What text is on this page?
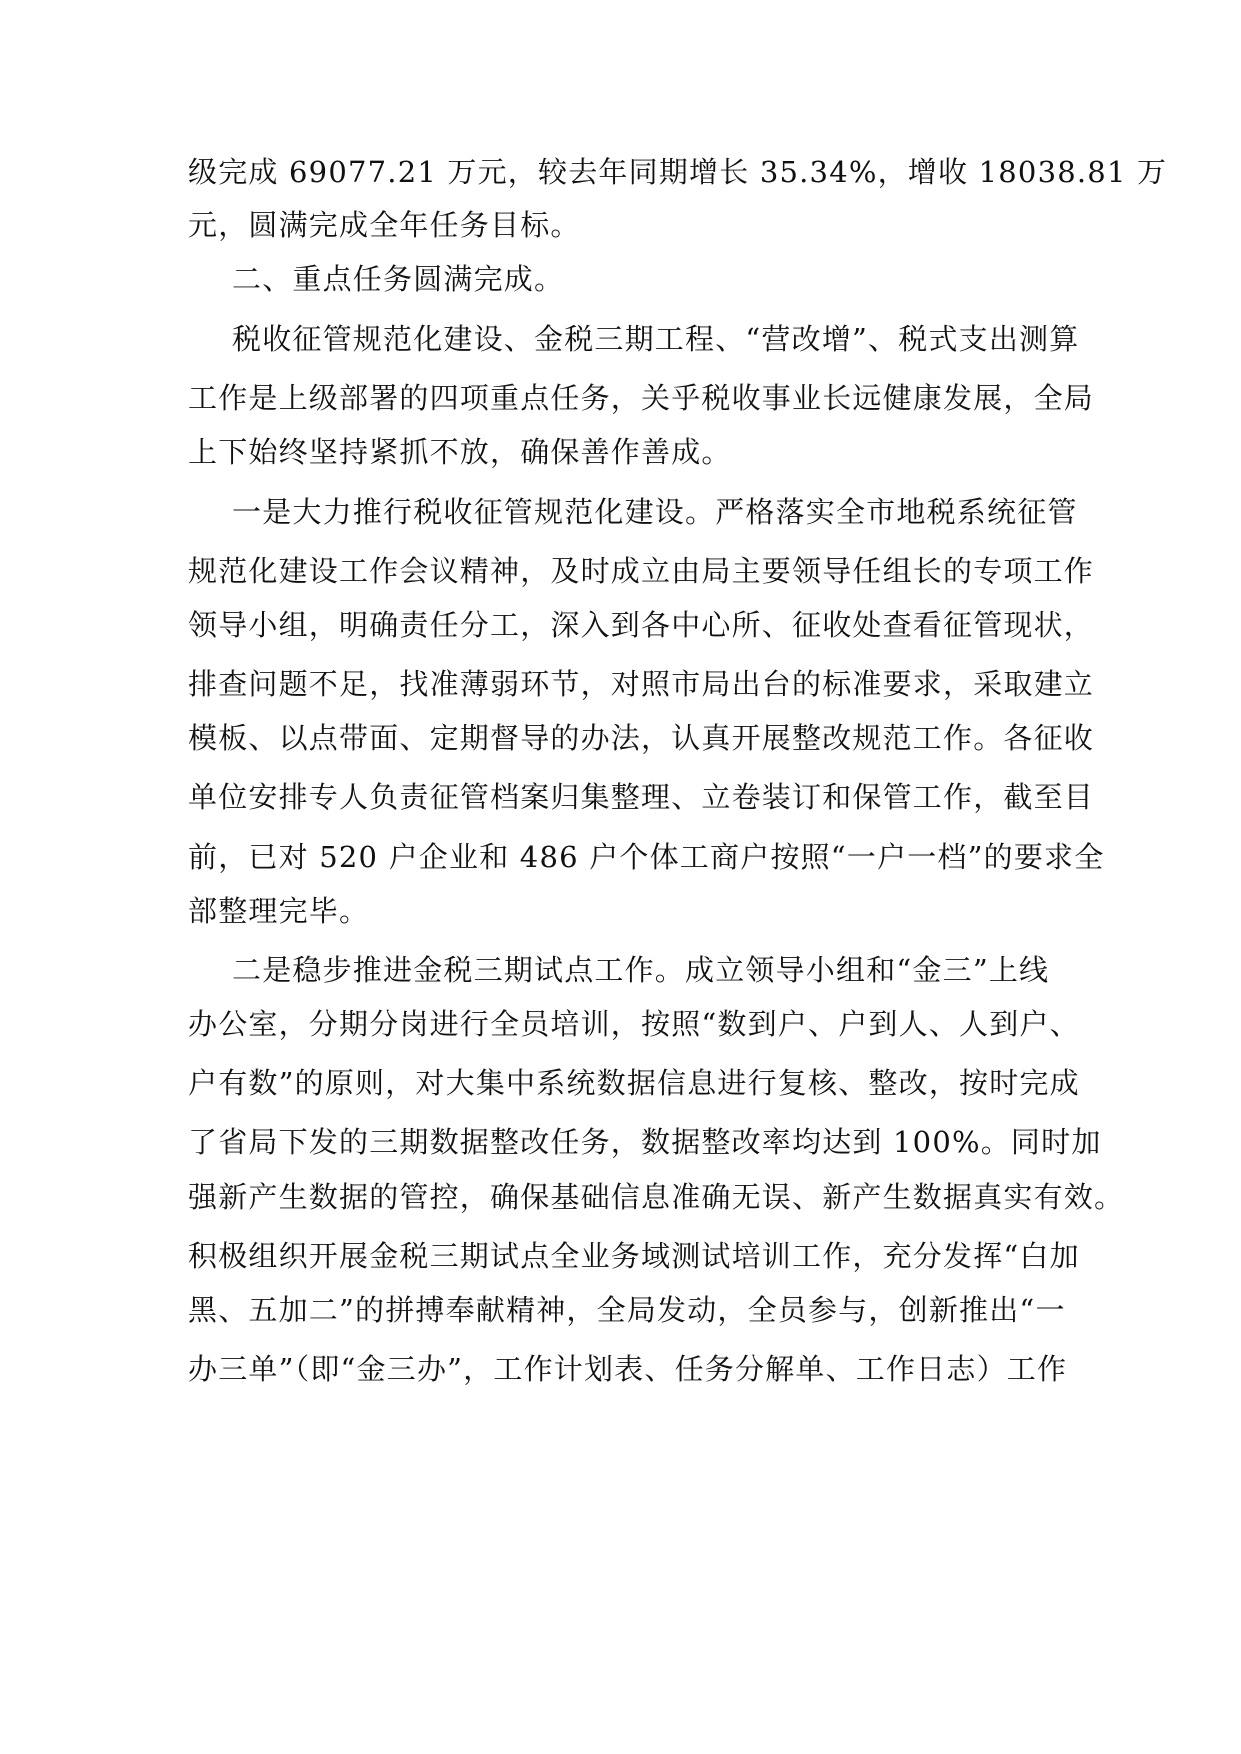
级完成 69077.21 万元，较去年同期增长 35.34%，增收 18038.81 万
元，圆满完成全年任务目标。
二、重点任务圆满完成。
税收征管规范化建设、金税三期工程、“营改增”、税式支出测算
工作是上级部署的四项重点任务，关乎税收事业长远健康发展，全局
上下始终坚持紧抓不放，确保善作善成。
一是大力推行税收征管规范化建设。严格落实全市地税系统征管
规范化建设工作会议精神，及时成立由局主要领导任组长的专项工作
领导小组，明确责任分工，深入到各中心所、征收处查看征管现状，
排查问题不足，找准薄弱环节，对照市局出台的标准要求，采取建立
模板、以点带面、定期督导的办法，认真开展整改规范工作。各征收
单位安排专人负责征管档案归集整理、立卷装订和保管工作，截至目
前，已对 520 户企业和 486 户个体工商户按照“一户一档”的要求全
部整理完毕。
二是稳步推进金税三期试点工作。成立领导小组和“金三”上线
办公室，分期分岗进行全员培训，按照“数到户、户到人、人到户、
户有数”的原则，对大集中系统数据信息进行复核、整改，按时完成
了省局下发的三期数据整改任务，数据整改率均达到 100%。同时加
强新产生数据的管控，确保基础信息准确无误、新产生数据真实有效。
积极组织开展金税三期试点全业务域测试培训工作，充分发挥“白加
黑、五加二”的拼搏奉献精神，全局发动，全员参与，创新推出“一
办三单”（即“金三办”，工作计划表、任务分解单、工作日志）工作
